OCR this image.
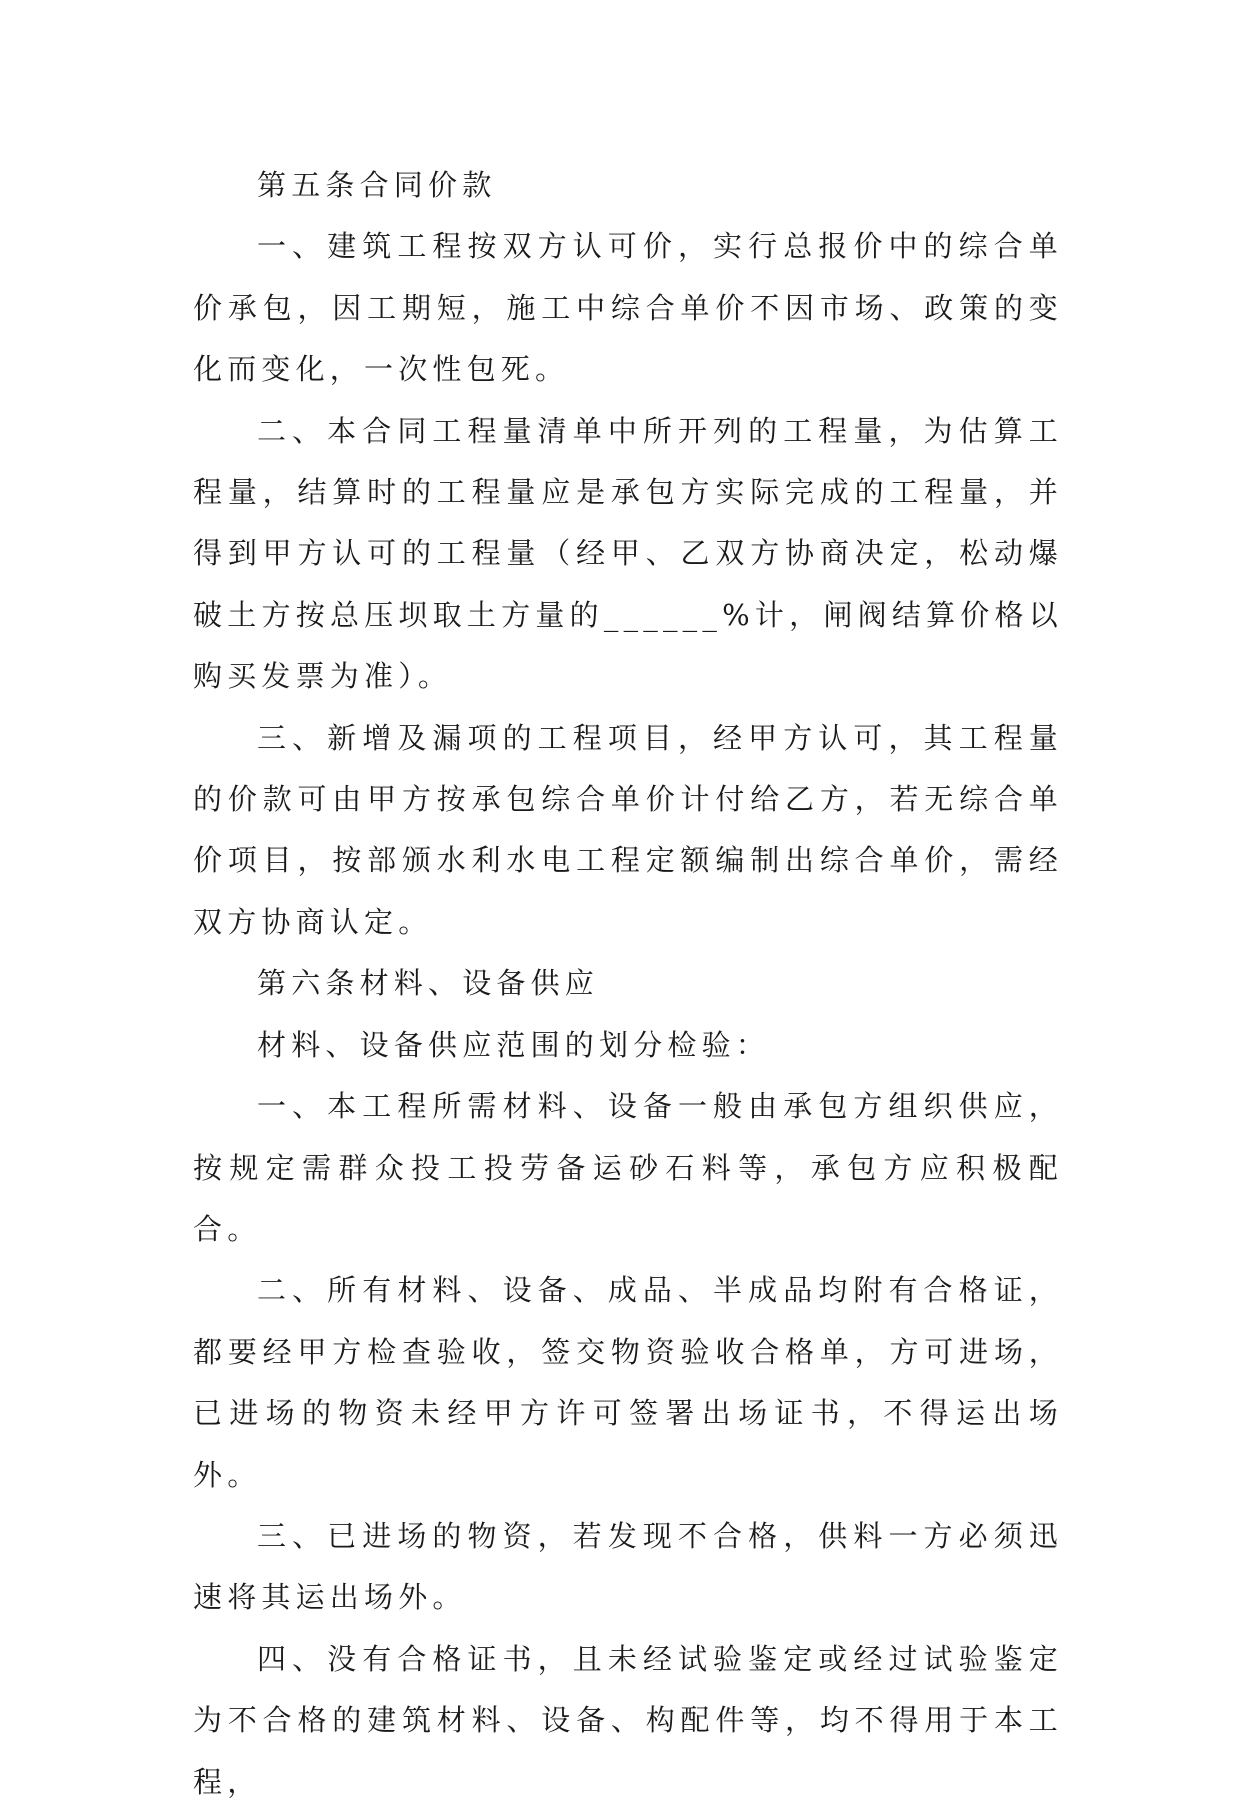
第五条合同价款

一、建筑工程按双方认可价，实行总报价中的综合单价承包，因工期短，施工中综合单价不因市场、政策的变化而变化，一次性包死。

二、本合同工程量清单中所开列的工程量，为估算工程量，结算时的工程量应是承包方实际完成的工程量，并得到甲方认可的工程量（经甲、乙双方协商决定，松动爆破土方按总压坝取土方量的______%计，闸阀结算价格以购买发票为准）。

三、新增及漏项的工程项目，经甲方认可，其工程量的价款可由甲方按承包综合单价计付给乙方，若无综合单价项目，按部颁水利水电工程定额编制出综合单价，需经双方协商认定。

第六条材料、设备供应

材料、设备供应范围的划分检验：

一、本工程所需材料、设备一般由承包方组织供应，按规定需群众投工投劳备运砂石料等，承包方应积极配合。

二、所有材料、设备、成品、半成品均附有合格证，都要经甲方检查验收，签交物资验收合格单，方可进场，已进场的物资未经甲方许可签署出场证书，不得运出场外。

三、已进场的物资，若发现不合格，供料一方必须迅速将其运出场外。

四、没有合格证书，且未经试验鉴定或经过试验鉴定为不合格的建筑材料、设备、构配件等，均不得用于本工程，
